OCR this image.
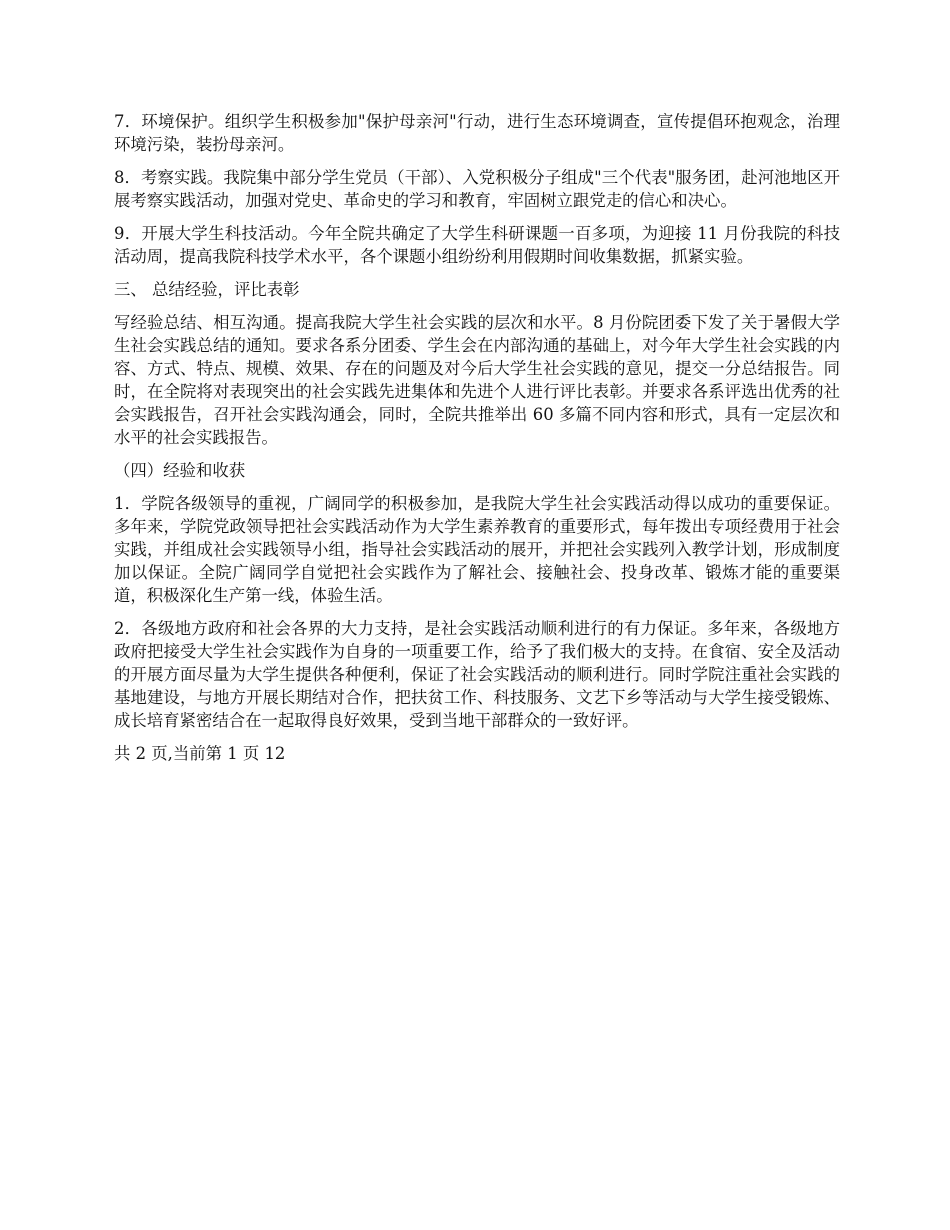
7．环境保护。组织学生积极参加"保护母亲河"行动，进行生态环境调查，宣传提倡环抱观念，治理环境污染，装扮母亲河。

8．考察实践。我院集中部分学生党员（干部）、入党积极分子组成"三个代表"服务团，赴河池地区开展考察实践活动，加强对党史、革命史的学习和教育，牢固树立跟党走的信心和决心。

9．开展大学生科技活动。今年全院共确定了大学生科研课题一百多项，为迎接 11 月份我院的科技活动周，提高我院科技学术水平，各个课题小组纷纷利用假期时间收集数据，抓紧实验。

三、 总结经验，评比表彰

写经验总结、相互沟通。提高我院大学生社会实践的层次和水平。8 月份院团委下发了关于暑假大学生社会实践总结的通知。要求各系分团委、学生会在内部沟通的基础上，对今年大学生社会实践的内容、方式、特点、规模、效果、存在的问题及对今后大学生社会实践的意见，提交一分总结报告。同时，在全院将对表现突出的社会实践先进集体和先进个人进行评比表彰。并要求各系评选出优秀的社会实践报告，召开社会实践沟通会，同时，全院共推举出 60 多篇不同内容和形式，具有一定层次和水平的社会实践报告。

（四）经验和收获

1．学院各级领导的重视，广阔同学的积极参加，是我院大学生社会实践活动得以成功的重要保证。多年来，学院党政领导把社会实践活动作为大学生素养教育的重要形式，每年拨出专项经费用于社会实践，并组成社会实践领导小组，指导社会实践活动的展开，并把社会实践列入教学计划，形成制度加以保证。全院广阔同学自觉把社会实践作为了解社会、接触社会、投身改革、锻炼才能的重要渠道，积极深化生产第一线，体验生活。

2．各级地方政府和社会各界的大力支持，是社会实践活动顺利进行的有力保证。多年来，各级地方政府把接受大学生社会实践作为自身的一项重要工作，给予了我们极大的支持。在食宿、安全及活动的开展方面尽量为大学生提供各种便利，保证了社会实践活动的顺利进行。同时学院注重社会实践的基地建设，与地方开展长期结对合作，把扶贫工作、科技服务、文艺下乡等活动与大学生接受锻炼、成长培育紧密结合在一起取得良好效果，受到当地干部群众的一致好评。

共 2 页,当前第 1 页 12
